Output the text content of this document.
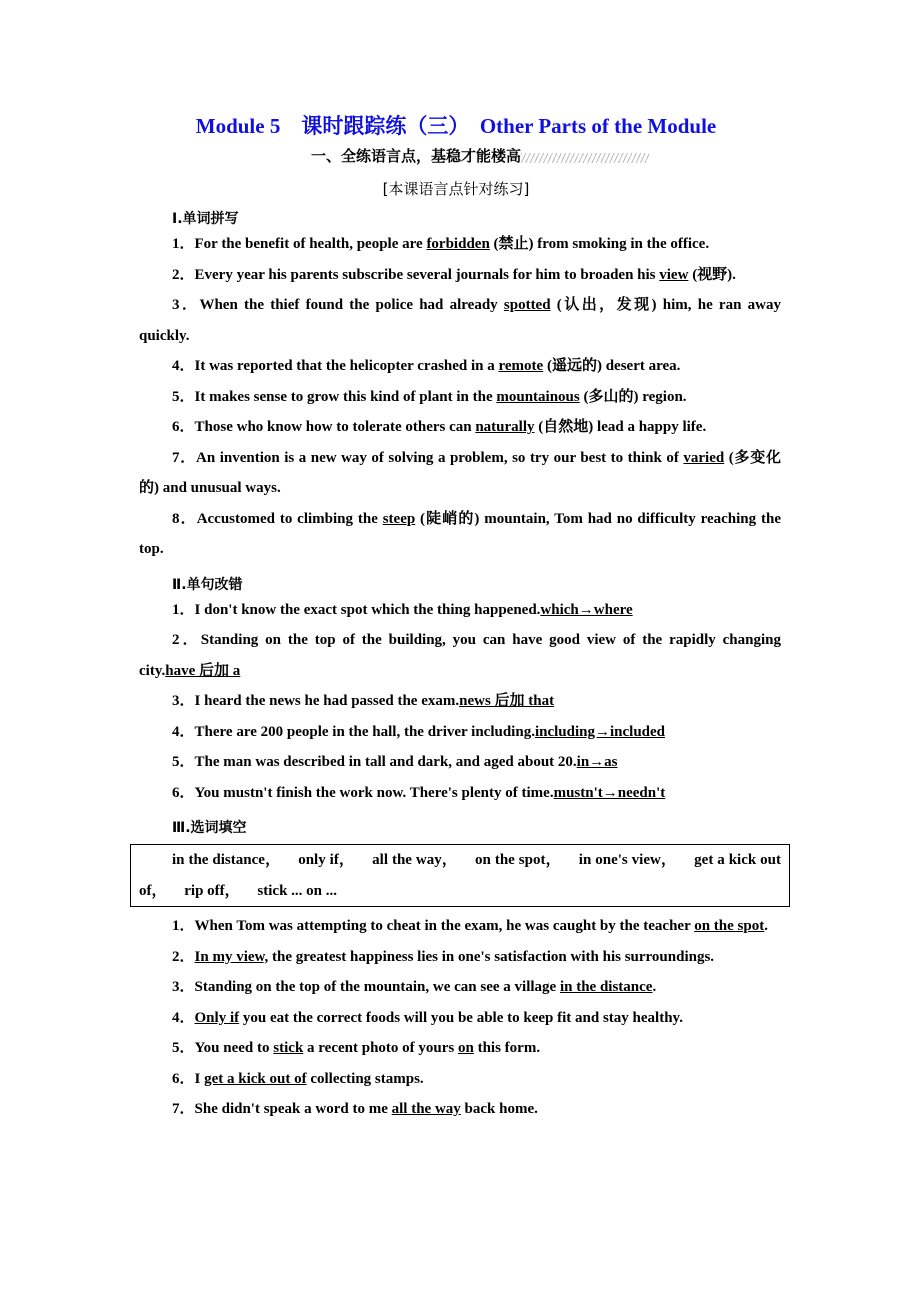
Module 5　课时跟踪练（三）　Other Parts of the Module
一、全练语言点，基稳才能楼高
[本课语言点针对练习]
Ⅰ.单词拼写

1．For the benefit of health, people are forbidden (禁止) from smoking in the office.

2．Every year his parents subscribe several journals for him to broaden his view (视野).

3．When the thief found the police had already spotted (认出，发现) him, he ran away quickly.

4．It was reported that the helicopter crashed in a remote (遥远的) desert area.

5．It makes sense to grow this kind of plant in the mountainous (多山的) region.

6．Those who know how to tolerate others can naturally (自然地) lead a happy life.

7．An invention is a new way of solving a problem, so try our best to think of varied (多变化的) and unusual ways.

8．Accustomed to climbing the steep (陡峭的) mountain, Tom had no difficulty reaching the top.

Ⅱ.单句改错

1．I don't know the exact spot which the thing happened.which→where

2．Standing on the top of the building, you can have good view of the rapidly changing city.have 后加 a

3．I heard the news he had passed the exam.news 后加 that

4．There are 200 people in the hall, the driver including.including→included

5．The man was described in tall and dark, and aged about 20.in→as

6．You mustn't finish the work now. There's plenty of time.mustn't→needn't

Ⅲ.选词填空

in the distance， only if， all the way， on the spot， in one's view， get a kick out of， rip off， stick ... on ...

1．When Tom was attempting to cheat in the exam, he was caught by the teacher on the spot.

2．In my view, the greatest happiness lies in one's satisfaction with his surroundings.

3．Standing on the top of the mountain, we can see a village in the distance.

4．Only if you eat the correct foods will you be able to keep fit and stay healthy.

5．You need to stick a recent photo of yours on this form.

6．I get a kick out of collecting stamps.

7．She didn't speak a word to me all the way back home.
